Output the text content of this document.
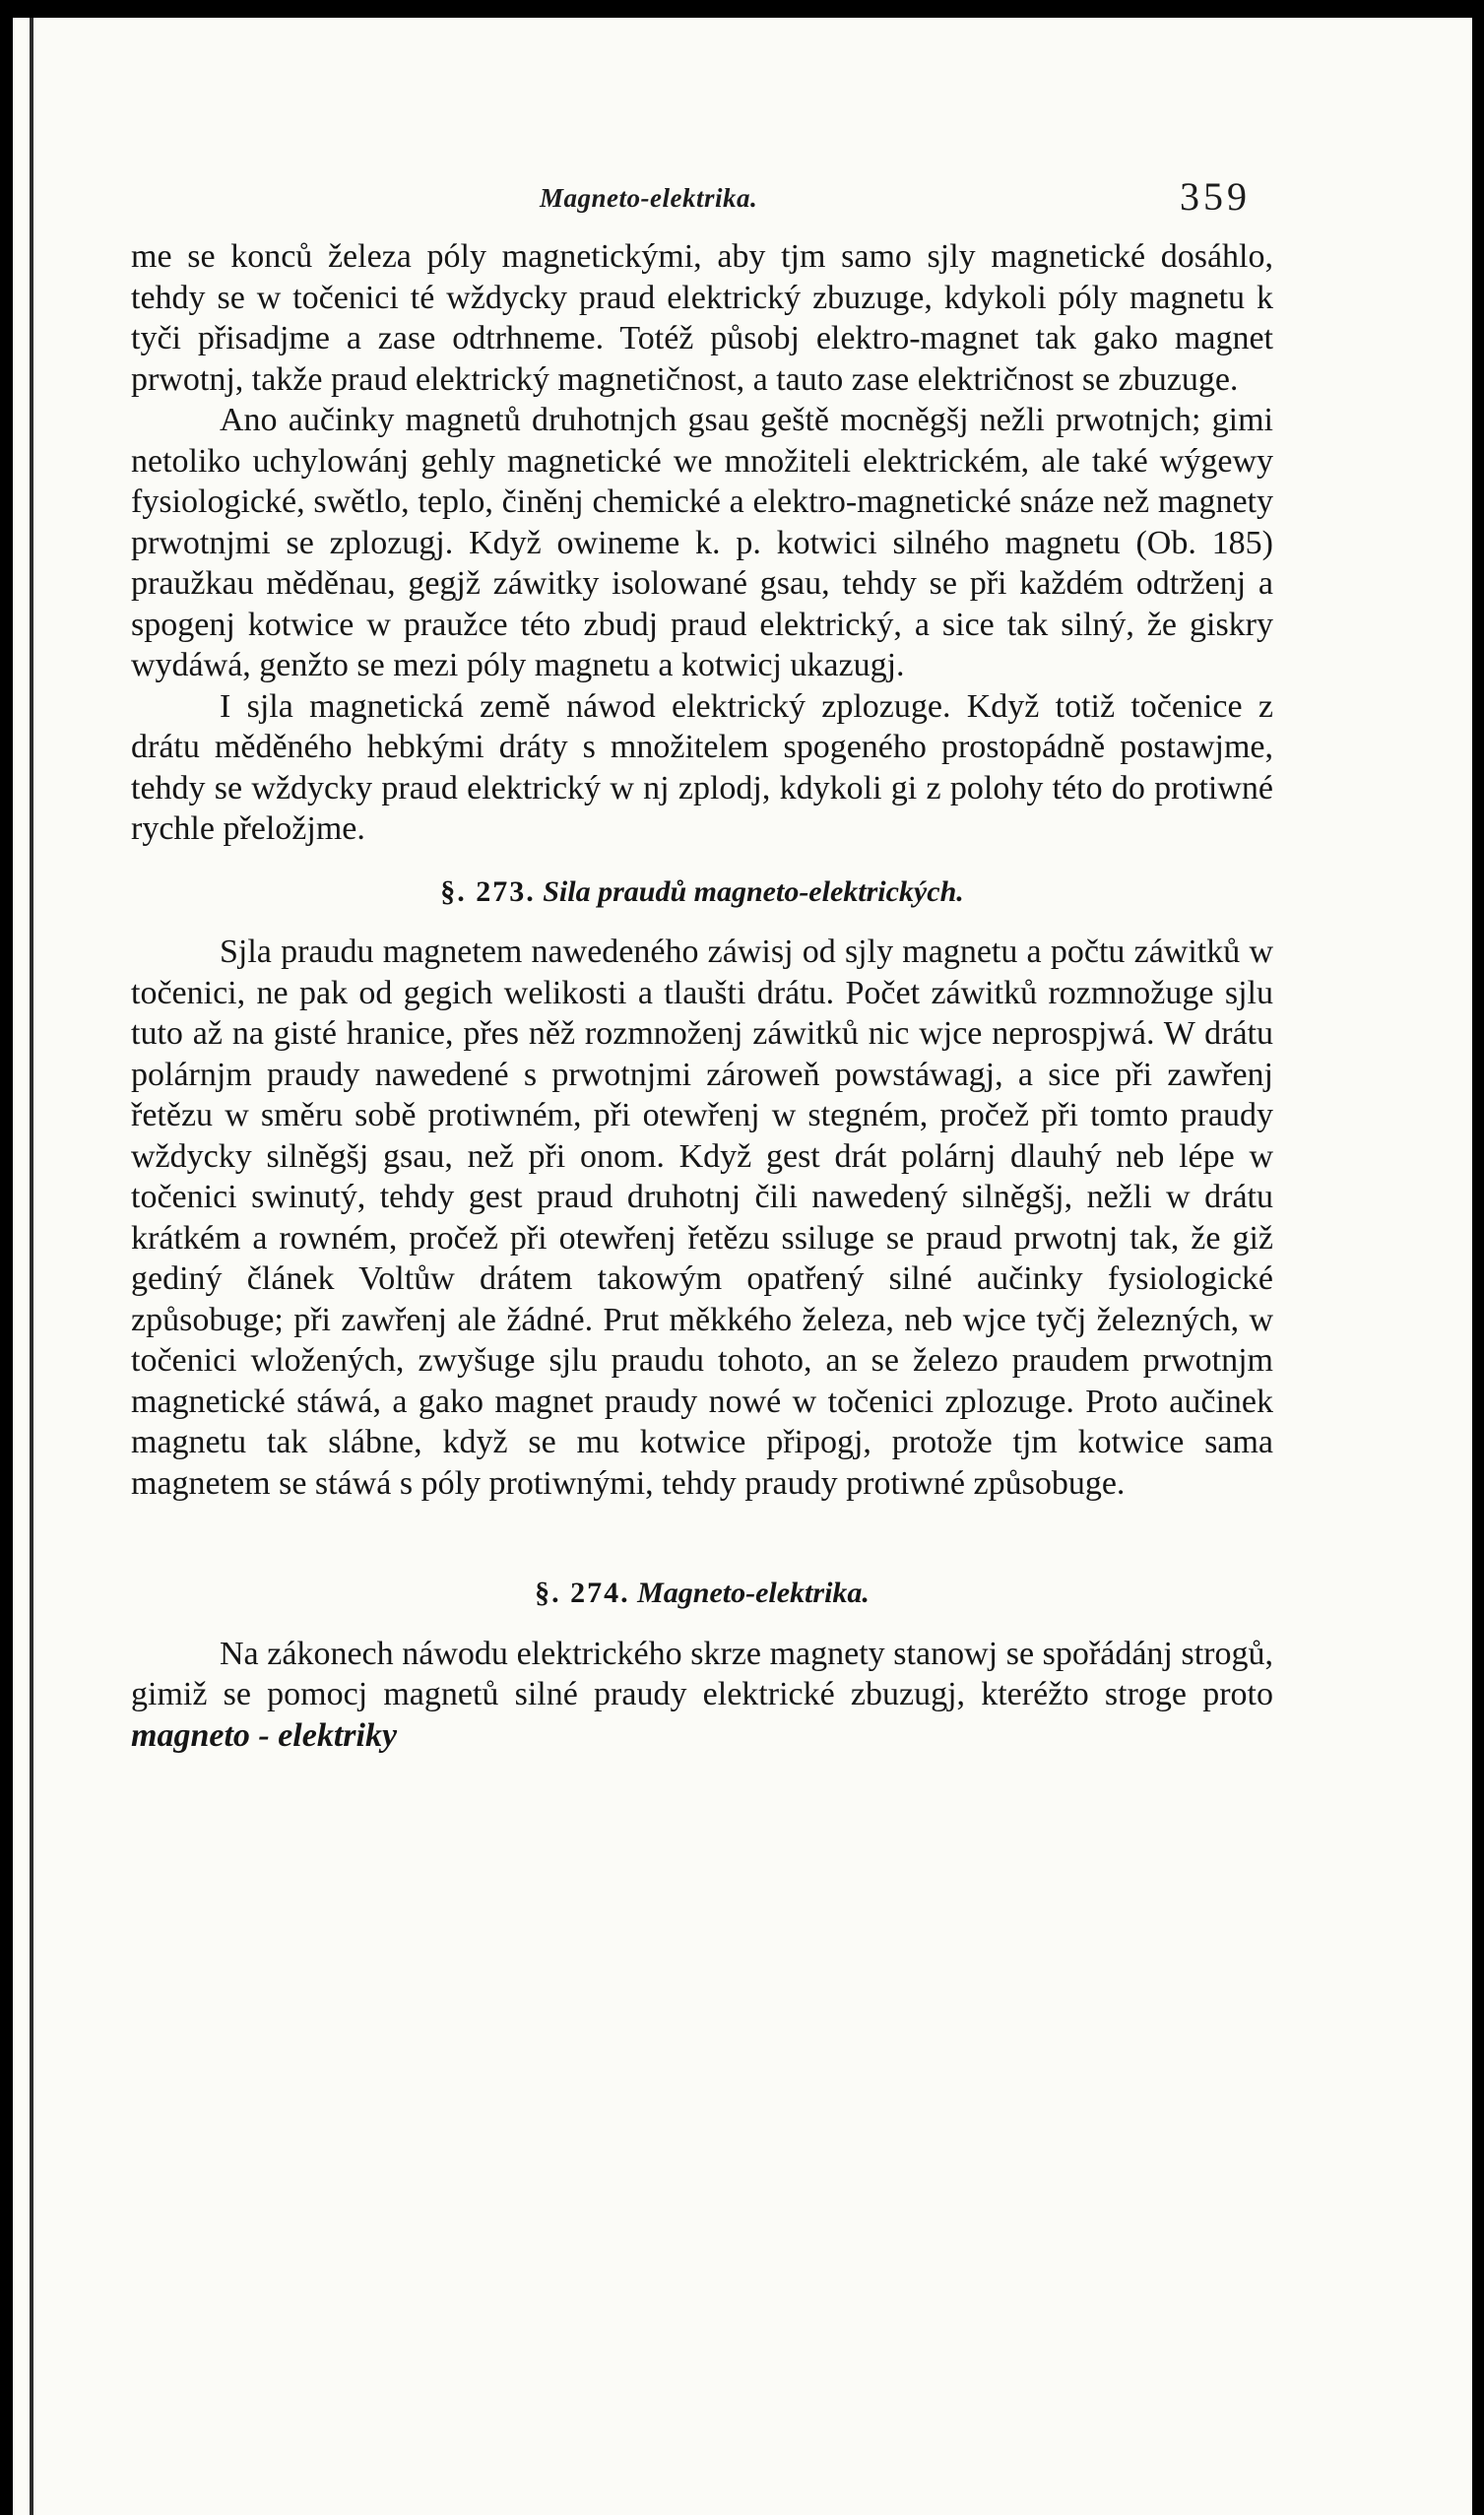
Magneto-elektrika.	359

me se konců železa póly magnetickými, aby tjm samo sjly magnetické dosáhlo, tehdy se w točenici té wždycky praud elektrický zbuzuge, kdykoli póly magnetu k tyči přisadjme a zase odtrhneme. Totéž působj elektro-magnet tak gako magnet prwotnj, takže praud elektrický magnetičnost, a tauto zase električnost se zbuzuge.

Ano aučinky magnetů druhotnjch gsau geště mocněgšj nežli prwotnjch; gimi netoliko uchylowánj gehly magnetické we množiteli elektrickém, ale také wýgewy fysiologické, swětlo, teplo, činěnj chemické a elektro-magnetické snáze než magnety prwotnjmi se zplozugj. Když owineme k. p. kotwici silného magnetu (Ob. 185) praužkau měděnau, gegjž záwitky isolowané gsau, tehdy se při každém odtrženj a spogenj kotwice w praužce této zbudj praud elektrický, a sice tak silný, že giskry wydáwá, genžto se mezi póly magnetu a kotwicj ukazugj.

I sjla magnetická země náwod elektrický zplozuge. Když totiž točenice z drátu měděného hebkými dráty s množitelem spogeného prostopádně postawjme, tehdy se wždycky praud elektrický w nj zplodj, kdykoli gi z polohy této do protiwné rychle přeložjme.

§. 273. Sila praudů magneto-elektrických.

Sjla praudu magnetem nawedeného záwisj od sjly magnetu a počtu záwitků w točenici, ne pak od gegich welikosti a tlaušti drátu. Počet záwitků rozmnožuge sjlu tuto až na gisté hranice, přes něž rozmnoženj záwitků nic wjce neprospjwá. W drátu polárnjm praudy nawedené s prwotnjmi zároweň powstáwagj, a sice při zawřenj řetězu w směru sobě protiwném, při otewřenj w stegném, pročež při tomto praudy wždycky silněgšj gsau, než při onom. Když gest drát polárnj dlauhý neb lépe w točenici swinutý, tehdy gest praud druhotnj čili nawedený silněgšj, nežli w drátu krátkém a rowném, pročež při otewřenj řetězu ssiluge se praud prwotnj tak, že giž gediný článek Voltůw drátem takowým opatřený silné aučinky fysiologické způsobuge; při zawřenj ale žádné. Prut měkkého železa, neb wjce tyčj železných, w točenici wložených, zwyšuge sjlu praudu tohoto, an se železo praudem prwotnjm magnetické stáwá, a gako magnet praudy nowé w točenici zplozuge. Proto aučinek magnetu tak slábne, když se mu kotwice připogj, protože tjm kotwice sama magnetem se stáwá s póly protiwnými, tehdy praudy protiwné způsobuge.

§. 274. Magneto-elektrika.

Na zákonech náwodu elektrického skrze magnety stanowj se spořádánj strogů, gimiž se pomocj magnetů silné praudy elektrické zbuzugj, kteréžto stroge proto magneto - elektriky
